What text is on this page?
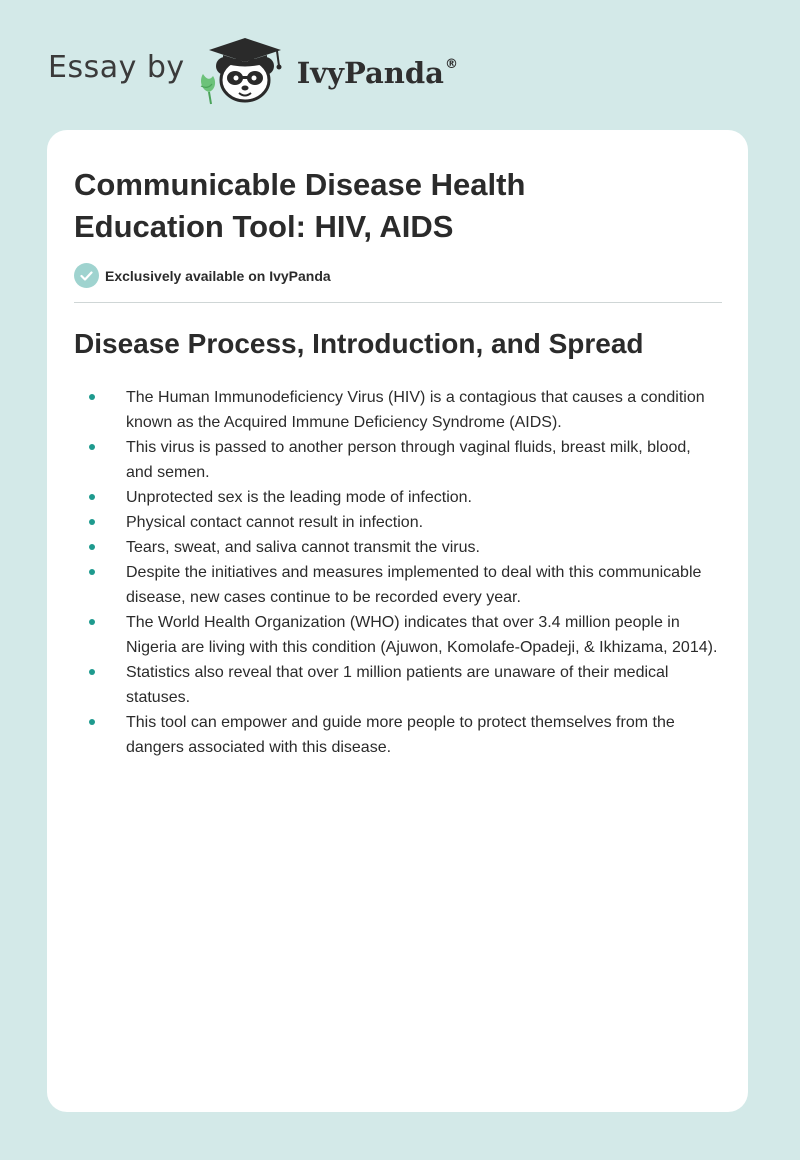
Essay by	IvyPanda®
Communicable Disease Health Education Tool: HIV, AIDS
Exclusively available on IvyPanda
Disease Process, Introduction, and Spread
The Human Immunodeficiency Virus (HIV) is a contagious that causes a condition known as the Acquired Immune Deficiency Syndrome (AIDS).
This virus is passed to another person through vaginal fluids, breast milk, blood, and semen.
Unprotected sex is the leading mode of infection.
Physical contact cannot result in infection.
Tears, sweat, and saliva cannot transmit the virus.
Despite the initiatives and measures implemented to deal with this communicable disease, new cases continue to be recorded every year.
The World Health Organization (WHO) indicates that over 3.4 million people in Nigeria are living with this condition (Ajuwon, Komolafe-Opadeji, & Ikhizama, 2014).
Statistics also reveal that over 1 million patients are unaware of their medical statuses.
This tool can empower and guide more people to protect themselves from the dangers associated with this disease.
